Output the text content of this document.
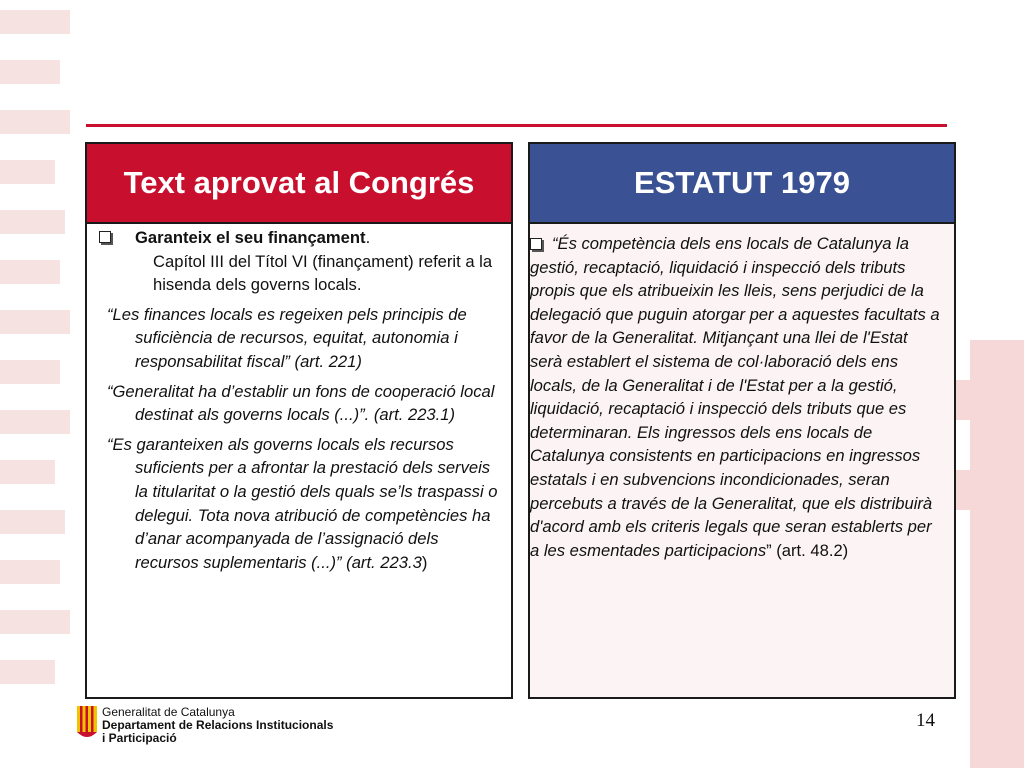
Text aprovat al Congrés
Garanteix el seu finançament.
Capítol III del Títol VI (finançament) referit a la hisenda dels governs locals.
“Les finances locals es regeixen pels principis de suficiència de recursos, equitat, autonomia i responsabilitat fiscal” (art. 221)
“Generalitat ha d’establir un fons de cooperació local destinat als governs locals (...)”. (art. 223.1)
“Es garanteixen als governs locals els recursos suficients per a afrontar la prestació dels serveis la titularitat o la gestió dels quals se’ls traspassi o delegui. Tota nova atribució de competències ha d’anar acompanyada de l’assignació dels recursos suplementaris (...)” (art. 223.3)
ESTATUT 1979
“És competència dels ens locals de Catalunya la gestió, recaptació, liquidació i inspecció dels tributs propis que els atribueixin les lleis, sens perjudici de la delegació que puguin atorgar per a aquestes facultats a favor de la Generalitat. Mitjançant una llei de l'Estat serà establert el sistema de col·laboració dels ens locals, de la Generalitat i de l'Estat per a la gestió, liquidació, recaptació i inspecció dels tributs que es determinaran. Els ingressos dels ens locals de Catalunya consistents en participacions en ingressos estatals i en subvencions incondicionades, seran percebuts a través de la Generalitat, que els distribuirà d'acord amb els criteris legals que seran establerts per a les esmentades participacions” (art. 48.2)
Generalitat de Catalunya
Departament de Relacions Institucionals
i Participació
14
